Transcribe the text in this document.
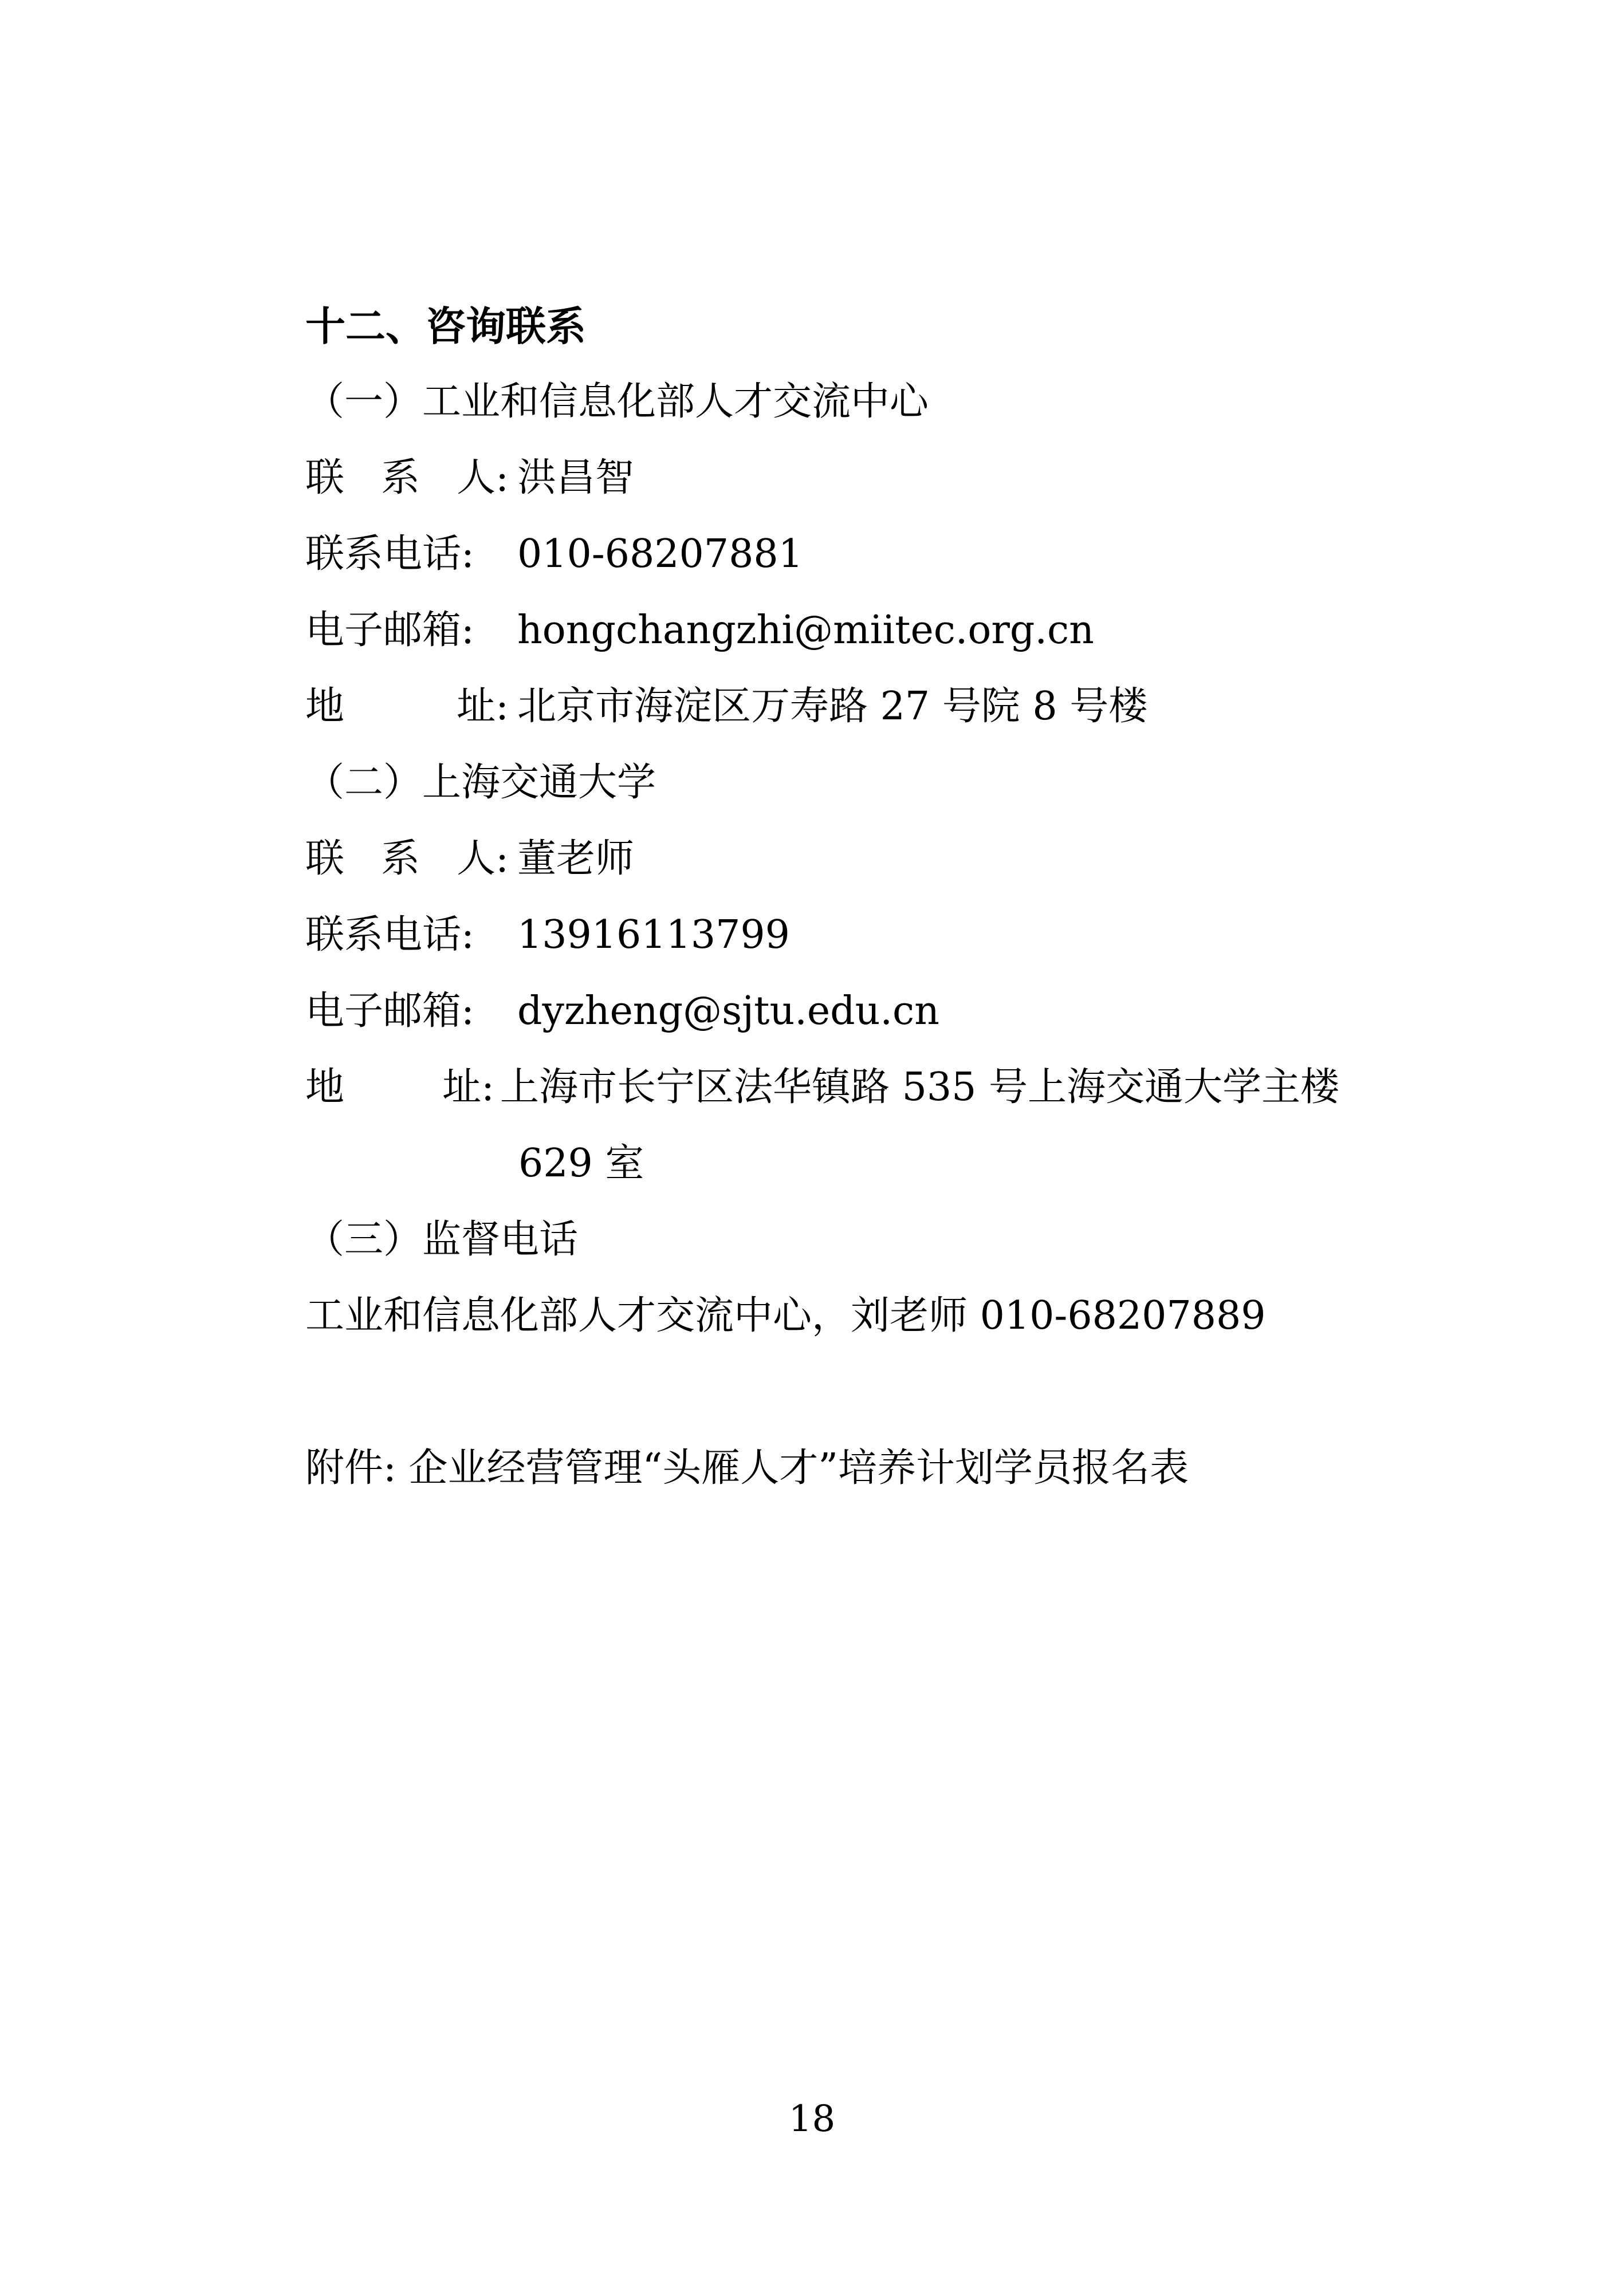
十二、咨询联系
（一）工业和信息化部人才交流中心
联 系 人: 洪昌智
联系电话: 010-68207881
电子邮箱: hongchangzhi@miitec.org.cn
地	址: 北京市海淀区万寿路 27 号院 8 号楼
（二）上海交通大学
联 系 人: 董老师
联系电话: 13916113799
电子邮箱: dyzheng@sjtu.edu.cn
地	址: 上海市长宁区法华镇路 535 号上海交通大学主楼
629 室
（三）监督电话
工业和信息化部人才交流中心，刘老师 010-68207889
附件: 企业经营管理“头雁人才”培养计划学员报名表
18
